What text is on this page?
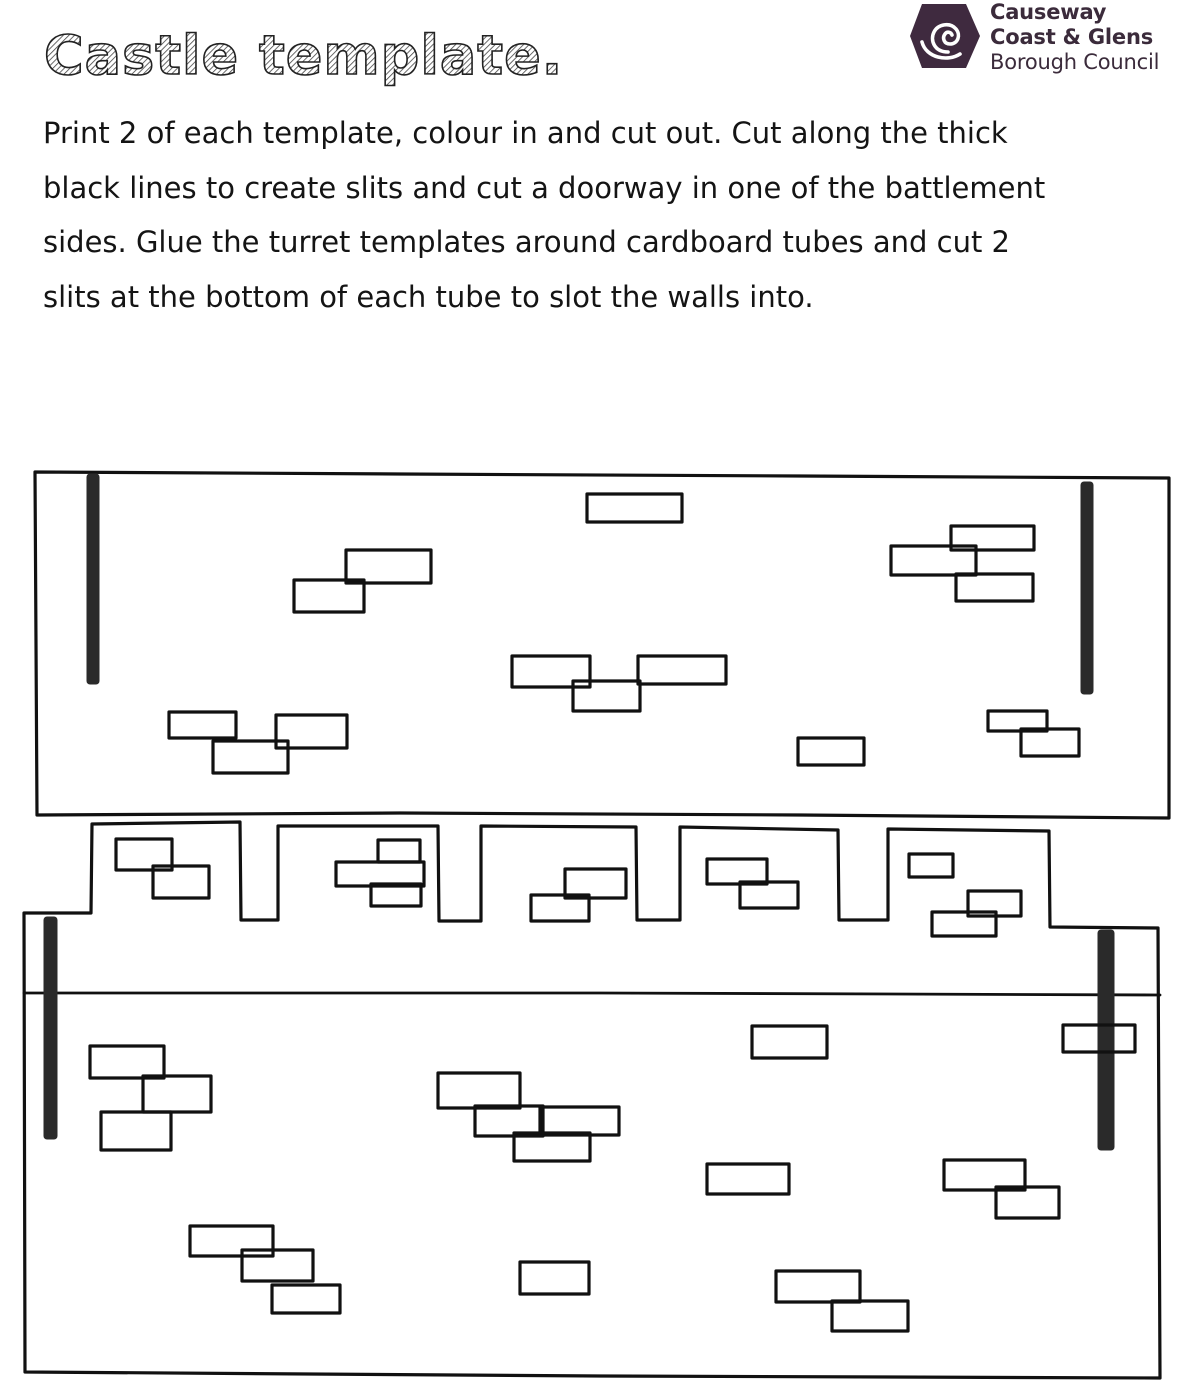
Castle template.
Causeway
Coast & Glens
Borough Council

Print 2 of each template, colour in and cut out. Cut along the thick black lines to create slits and cut a doorway in one of the battlement sides. Glue the turret templates around cardboard tubes and cut 2 slits at the bottom of each tube to slot the walls into.
